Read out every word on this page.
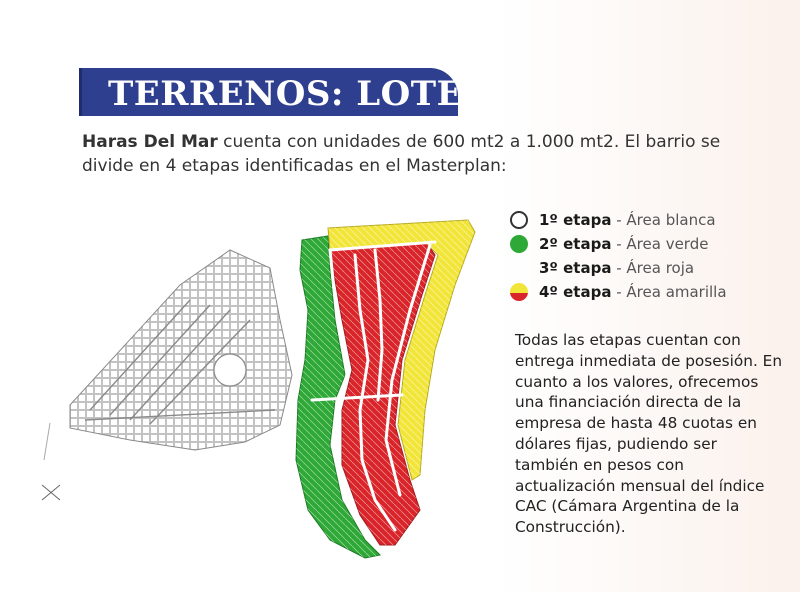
TERRENOS: LOTES
Haras Del Mar cuenta con unidades de 600 mt2 a 1.000 mt2. El barrio se divide en 4 etapas identificadas en el Masterplan:
1º etapa - Área blanca
2º etapa - Área verde
3º etapa - Área roja
4º etapa - Área amarilla
Todas las etapas cuentan con entrega inmediata de posesión. En cuanto a los valores, ofrecemos una financiación directa de la empresa de hasta 48 cuotas en dólares fijas, pudiendo ser también en pesos con actualización mensual del índice CAC (Cámara Argentina de la Construcción).
